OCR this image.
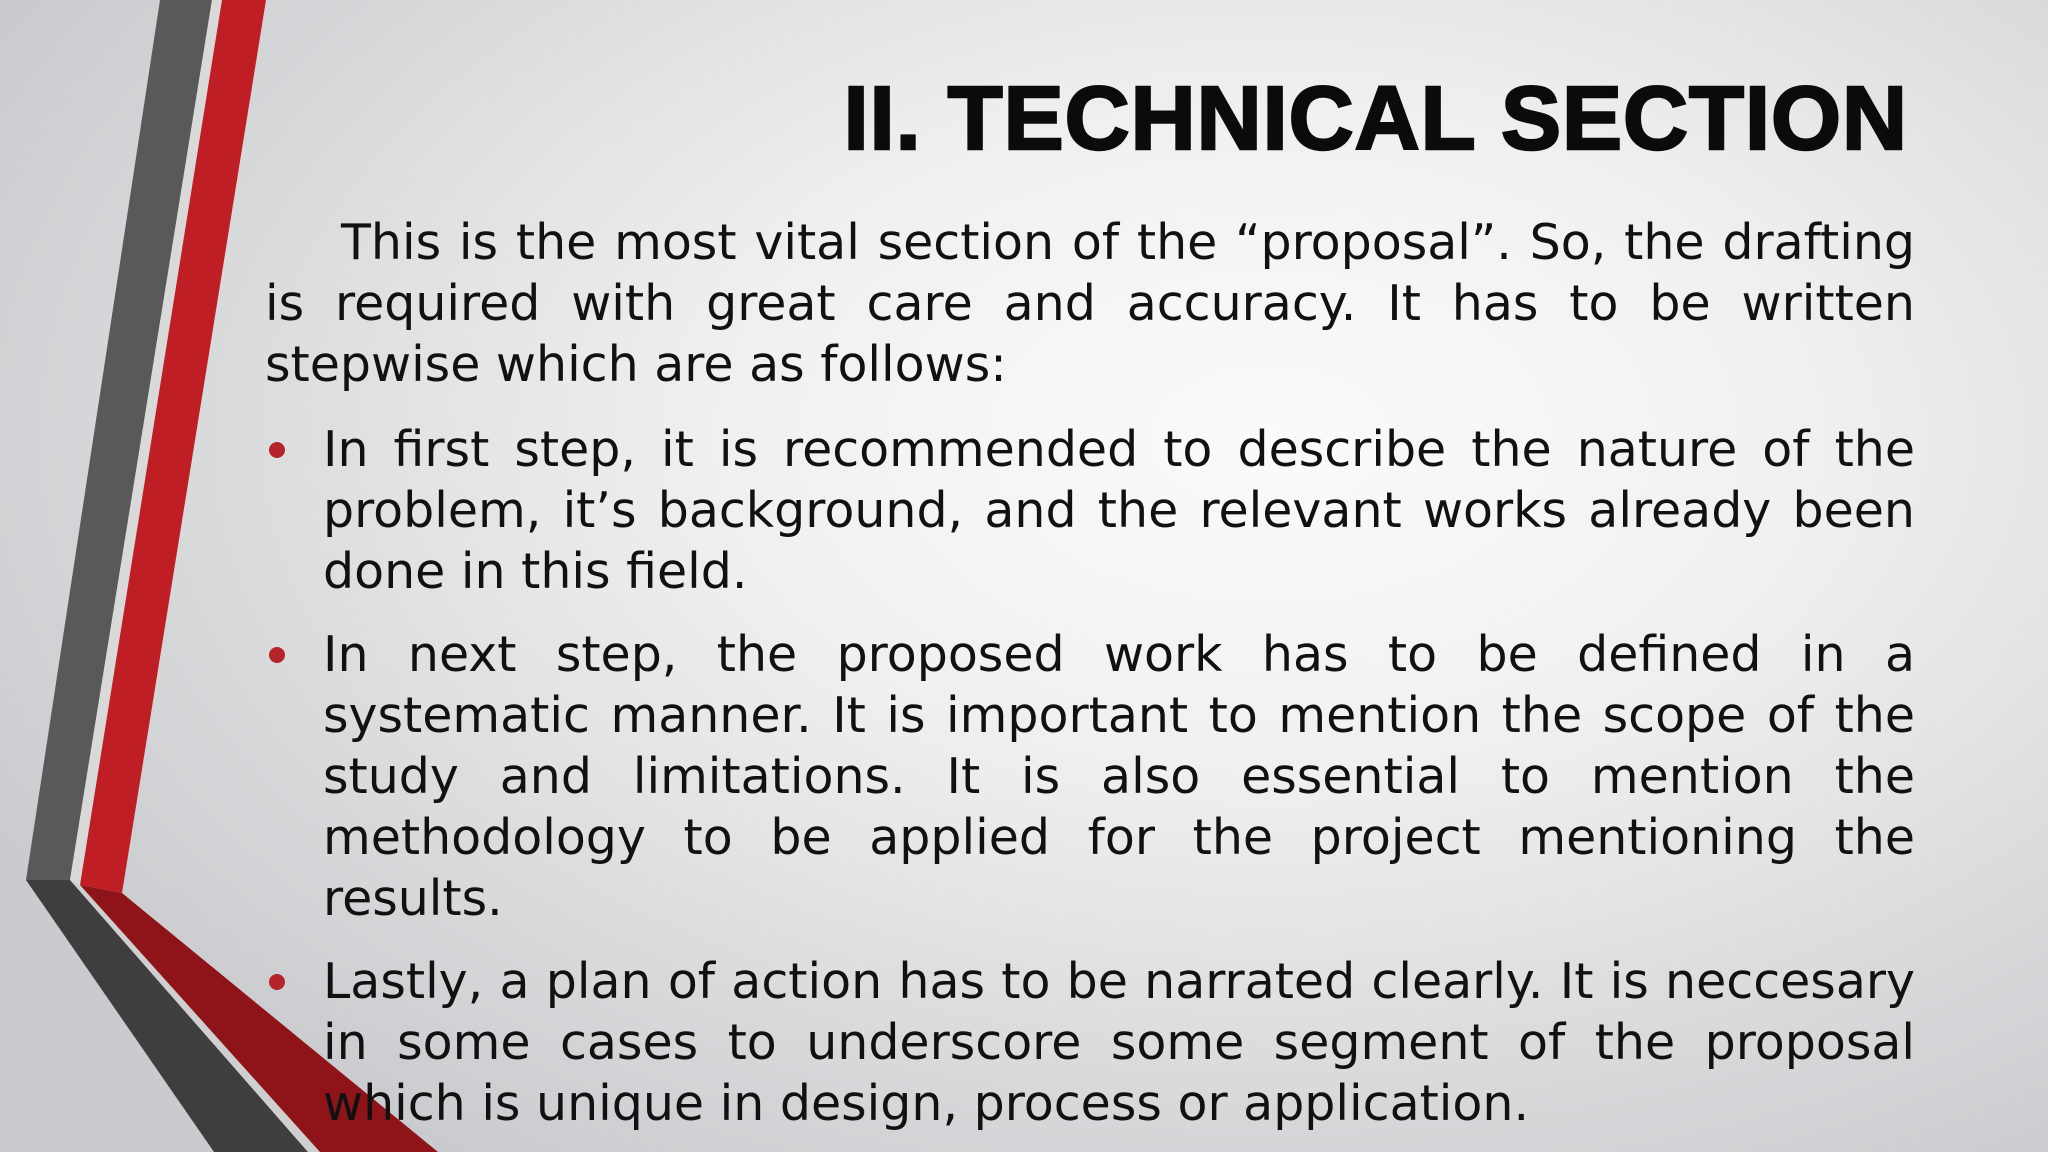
II. TECHNICAL SECTION

This is the most vital section of the “proposal”. So, the drafting is required with great care and accuracy. It has to be written stepwise which are as follows:

In first step, it is recommended to describe the nature of the problem, it’s background, and the relevant works already been done in this field.
In next step, the proposed work has to be defined in a systematic manner. It is important to mention the scope of the study and limitations. It is also essential to mention the methodology to be applied for the project mentioning the results.
Lastly, a plan of action has to be narrated clearly. It is neccesary in some cases to underscore some segment of the proposal which is unique in design, process or application.
